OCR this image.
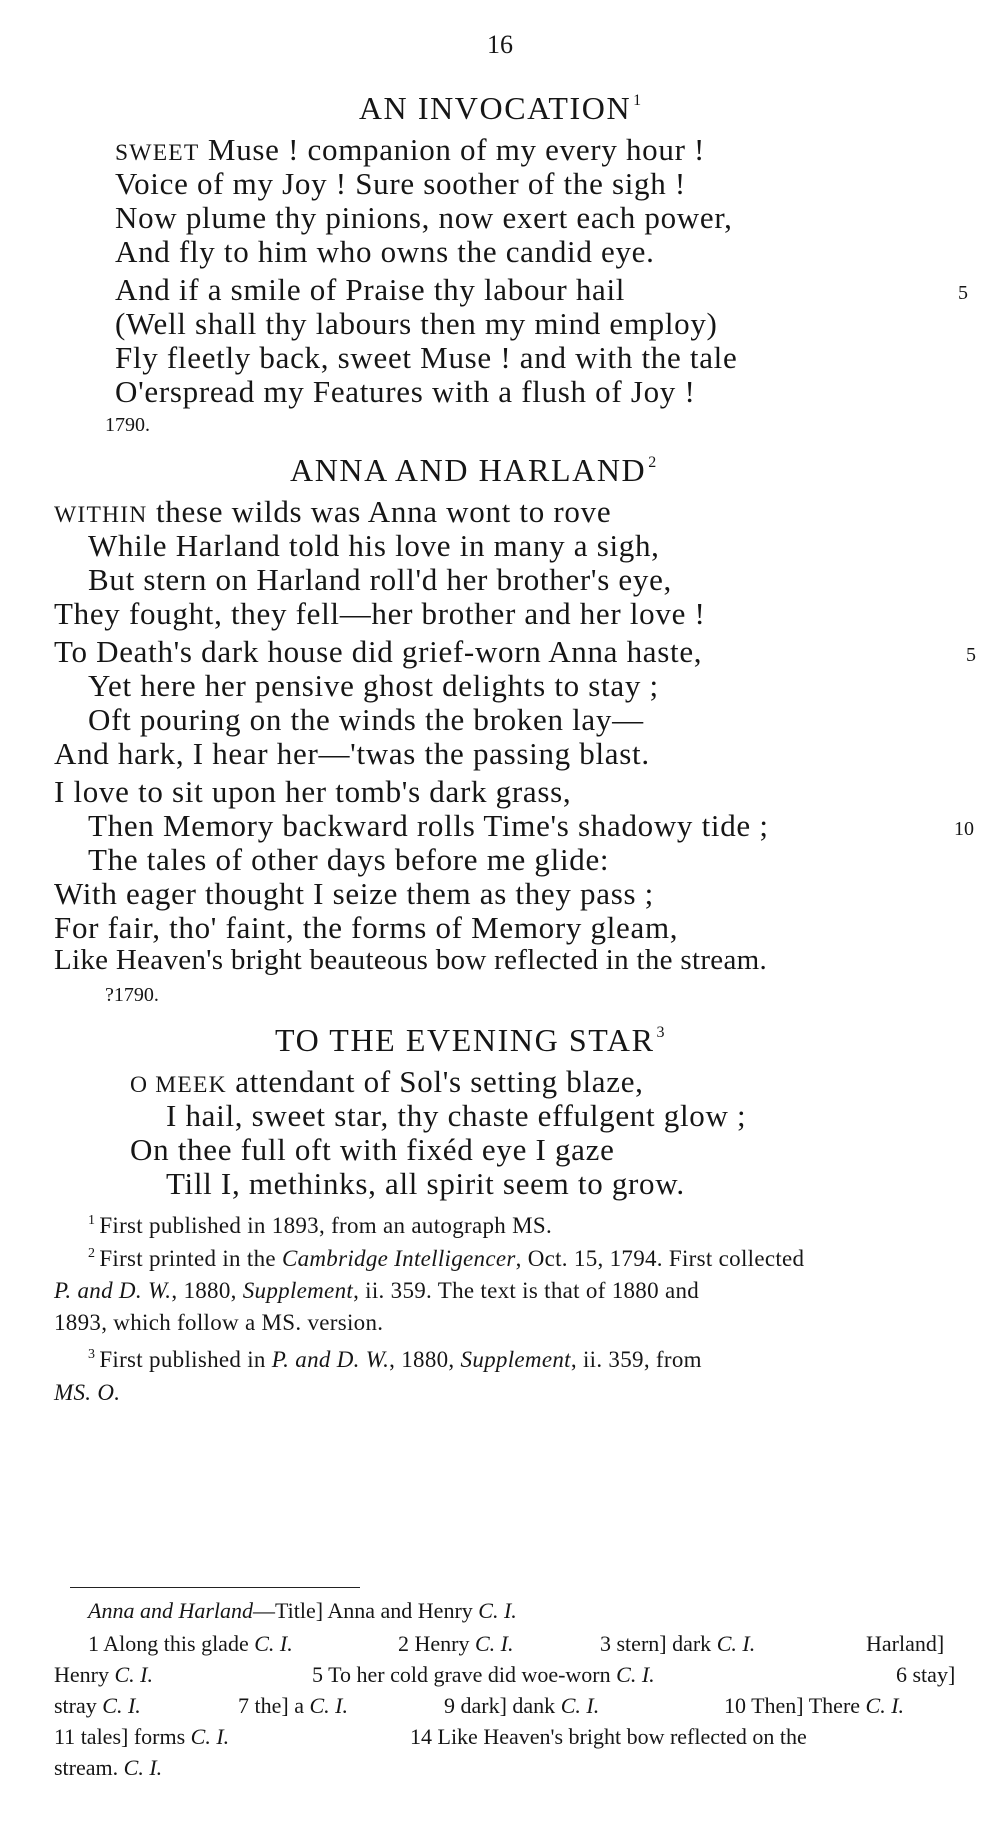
16
AN INVOCATION $^1$
SWEET Muse ! companion of my every hour !
Voice of my Joy ! Sure soother of the sigh !
Now plume thy pinions, now exert each power,
And fly to him who owns the candid eye.
And if a smile of Praise thy labour hail	5
(Well shall thy labours then my mind employ)
Fly fleetly back, sweet Muse ! and with the tale
O'erspread my Features with a flush of Joy !
1790.
ANNA AND HARLAND $^2$
WITHIN these wilds was Anna wont to rove
While Harland told his love in many a sigh,
But stern on Harland roll'd her brother's eye,
They fought, they fell—her brother and her love !
To Death's dark house did grief-worn Anna haste,	5
Yet here her pensive ghost delights to stay ;
Oft pouring on the winds the broken lay—
And hark, I hear her—'twas the passing blast.
I love to sit upon her tomb's dark grass,
Then Memory backward rolls Time's shadowy tide ;	10
The tales of other days before me glide:
With eager thought I seize them as they pass ;
For fair, tho' faint, the forms of Memory gleam,
Like Heaven's bright beauteous bow reflected in the stream.
?1790.
TO THE EVENING STAR $^3$
O MEEK attendant of Sol's setting blaze,
I hail, sweet star, thy chaste effulgent glow ;
On thee full oft with fixéd eye I gaze
Till I, methinks, all spirit seem to grow.
$^1$ First published in 1893, from an autograph MS.
$^2$ First printed in the Cambridge Intelligencer, Oct. 15, 1794. First collected
P. and D. W., 1880, Supplement, ii. 359. The text is that of 1880 and
1893, which follow a MS. version.
$^3$ First published in P. and D. W., 1880, Supplement, ii. 359, from
MS. O.
Anna and Harland—Title] Anna and Henry C. I.
1 Along this glade C. I.	2 Henry C. I.	3 stern] dark C. I.	Harland]
Henry C. I.	5 To her cold grave did woe-worn C. I.	6 stay]
stray C. I.	7 the] a C. I.	9 dark] dank C. I.	10 Then] There C. I.
11 tales] forms C. I.	14 Like Heaven's bright bow reflected on the
stream. C. I.
